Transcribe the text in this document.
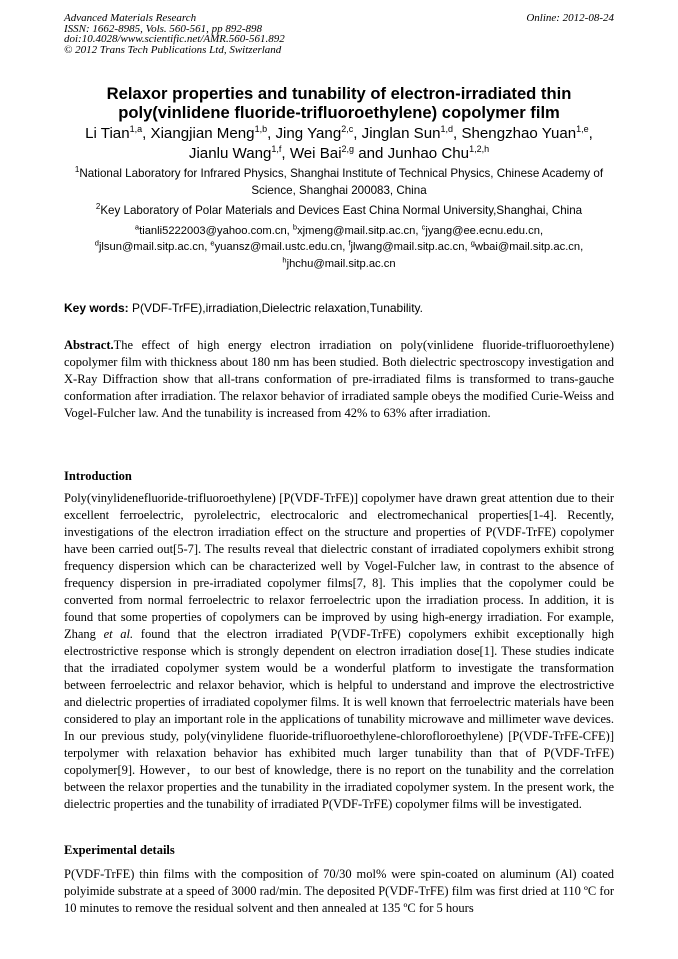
Advanced Materials Research
ISSN: 1662-8985, Vols. 560-561, pp 892-898
doi:10.4028/www.scientific.net/AMR.560-561.892
© 2012 Trans Tech Publications Ltd, Switzerland
Online: 2012-08-24
Relaxor properties and tunability of electron-irradiated thin
poly(vinlidene fluoride-trifluoroethylene) copolymer film
Li Tian$^{1,a}$, Xiangjian Meng$^{1,b}$, Jing Yang$^{2,c}$, Jinglan Sun$^{1,d}$, Shengzhao Yuan$^{1,e}$,
Jianlu Wang$^{1,f}$, Wei Bai$^{2,g}$ and Junhao Chu$^{1,2,h}$
$^1$National Laboratory for Infrared Physics, Shanghai Institute of Technical Physics, Chinese Academy of Science, Shanghai 200083, China
$^2$Key Laboratory of Polar Materials and Devices East China Normal University,Shanghai, China
$^a$tianli5222003@yahoo.com.cn, $^b$xjmeng@mail.sitp.ac.cn, $^c$jyang@ee.ecnu.edu.cn,
$^d$jlsun@mail.sitp.ac.cn, $^e$yuansz@mail.ustc.edu.cn, $^f$jlwang@mail.sitp.ac.cn, $^g$wbai@mail.sitp.ac.cn,
$^h$jhchu@mail.sitp.ac.cn
Key words: P(VDF-TrFE),irradiation,Dielectric relaxation,Tunability.
Abstract.The effect of high energy electron irradiation on poly(vinlidene fluoride-trifluoroethylene) copolymer film with thickness about 180 nm has been studied. Both dielectric spectroscopy investigation and X-Ray Diffraction show that all-trans conformation of pre-irradiated films is transformed to trans-gauche conformation after irradiation. The relaxor behavior of irradiated sample obeys the modified Curie-Weiss and Vogel-Fulcher law. And the tunability is increased from 42% to 63% after irradiation.
Introduction
Poly(vinylidenefluoride-trifluoroethylene) [P(VDF-TrFE)] copolymer have drawn great attention due to their excellent ferroelectric, pyrolelectric, electrocaloric and electromechanical properties[1-4]. Recently, investigations of the electron irradiation effect on the structure and properties of P(VDF-TrFE) copolymer have been carried out[5-7]. The results reveal that dielectric constant of irradiated copolymers exhibit strong frequency dispersion which can be characterized well by Vogel-Fulcher law, in contrast to the absence of frequency dispersion in pre-irradiated copolymer films[7, 8]. This implies that the copolymer could be converted from normal ferroelectric to relaxor ferroelectric upon the irradiation process. In addition, it is found that some properties of copolymers can be improved by using high-energy irradiation. For example, Zhang et al. found that the electron irradiated P(VDF-TrFE) copolymers exhibit exceptionally high electrostrictive response which is strongly dependent on electron irradiation dose[1]. These studies indicate that the irradiated copolymer system would be a wonderful platform to investigate the transformation between ferroelectric and relaxor behavior, which is helpful to understand and improve the electrostrictive and dielectric properties of irradiated copolymer films. It is well known that ferroelectric materials have been considered to play an important role in the applications of tunability microwave and millimeter wave devices. In our previous study, poly(vinylidene fluoride-trifluoroethylene-chlorofloroethylene) [P(VDF-TrFE-CFE)] terpolymer with relaxation behavior has exhibited much larger tunability than that of P(VDF-TrFE) copolymer[9]. However，to our best of knowledge, there is no report on the tunability and the correlation between the relaxor properties and the tunability in the irradiated copolymer system. In the present work, the dielectric properties and the tunability of irradiated P(VDF-TrFE) copolymer films will be investigated.
Experimental details
P(VDF-TrFE) thin films with the composition of 70/30 mol% were spin-coated on aluminum (Al) coated polyimide substrate at a speed of 3000 rad/min. The deposited P(VDF-TrFE) film was first dried at 110 ºC for 10 minutes to remove the residual solvent and then annealed at 135 ºC for 5 hours
